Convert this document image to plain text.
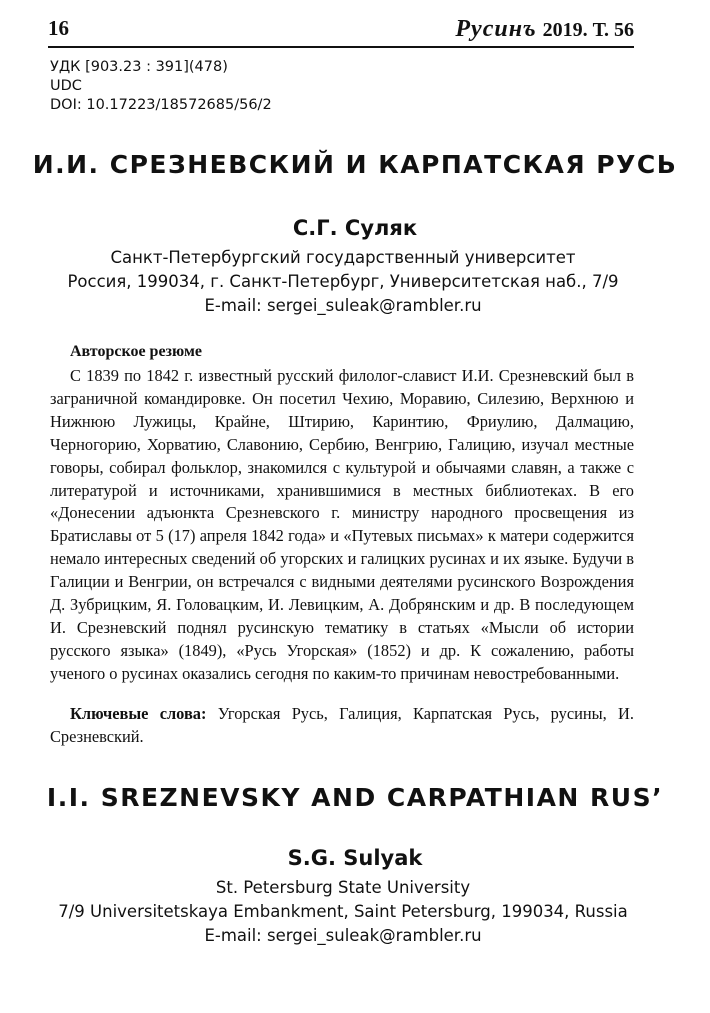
16	Русинъ 2019. Т. 56
УДК [903.23 : 391](478)
UDC
DOI: 10.17223/18572685/56/2
И.И. СРЕЗНЕВСКИЙ И КАРПАТСКАЯ РУСЬ
С.Г. Суляк
Санкт-Петербургский государственный университет
Россия, 199034, г. Санкт-Петербург, Университетская наб., 7/9
E-mail: sergei_suleak@rambler.ru
Авторское резюме

С 1839 по 1842 г. известный русский филолог-славист И.И. Срезневский был в заграничной командировке. Он посетил Чехию, Моравию, Силезию, Верхнюю и Нижнюю Лужицы, Крайне, Штирию, Каринтию, Фриулию, Далмацию, Черногорию, Хорватию, Славонию, Сербию, Венгрию, Галицию, изучал местные говоры, собирал фольклор, знакомился с культурой и обычаями славян, а также с литературой и источниками, хранившимися в местных библиотеках. В его «Донесении адъюнкта Срезневского г. министру народного просвещения из Братиславы от 5 (17) апреля 1842 года» и «Путевых письмах» к матери содержится немало интересных сведений об угорских и галицких русинах и их языке. Будучи в Галиции и Венгрии, он встречался с видными деятелями русинского Возрождения Д. Зубрицким, Я. Головацким, И. Левицким, А. Добрянским и др. В последующем И. Срезневский поднял русинскую тематику в статьях «Мысли об истории русского языка» (1849), «Русь Угорская» (1852) и др. К сожалению, работы ученого о русинах оказались сегодня по каким-то причинам невостребованными.

Ключевые слова: Угорская Русь, Галиция, Карпатская Русь, русины, И. Срезневский.

I.I. SREZNEVSKY AND CARPATHIAN RUS’
S.G. Sulyak
St. Petersburg State University
7/9 Universitetskaya Embankment, Saint Petersburg, 199034, Russia
E-mail: sergei_suleak@rambler.ru
